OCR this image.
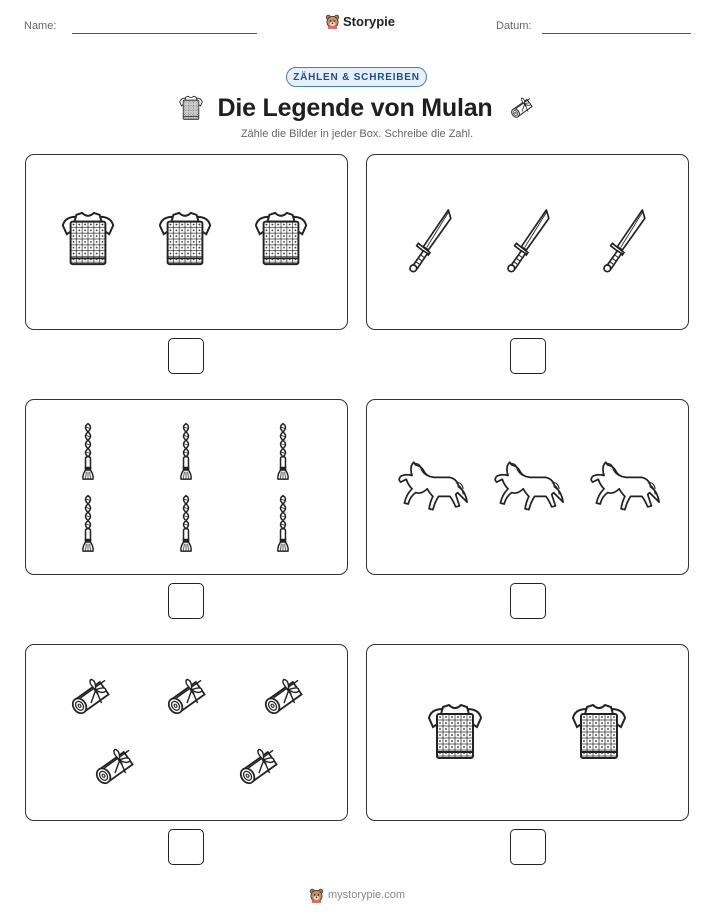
Name:	Storypie	Datum:
ZÄHLEN & SCHREIBEN
Die Legende von Mulan
Zähle die Bilder in jeder Box. Schreibe die Zahl.
mystorypie.com
